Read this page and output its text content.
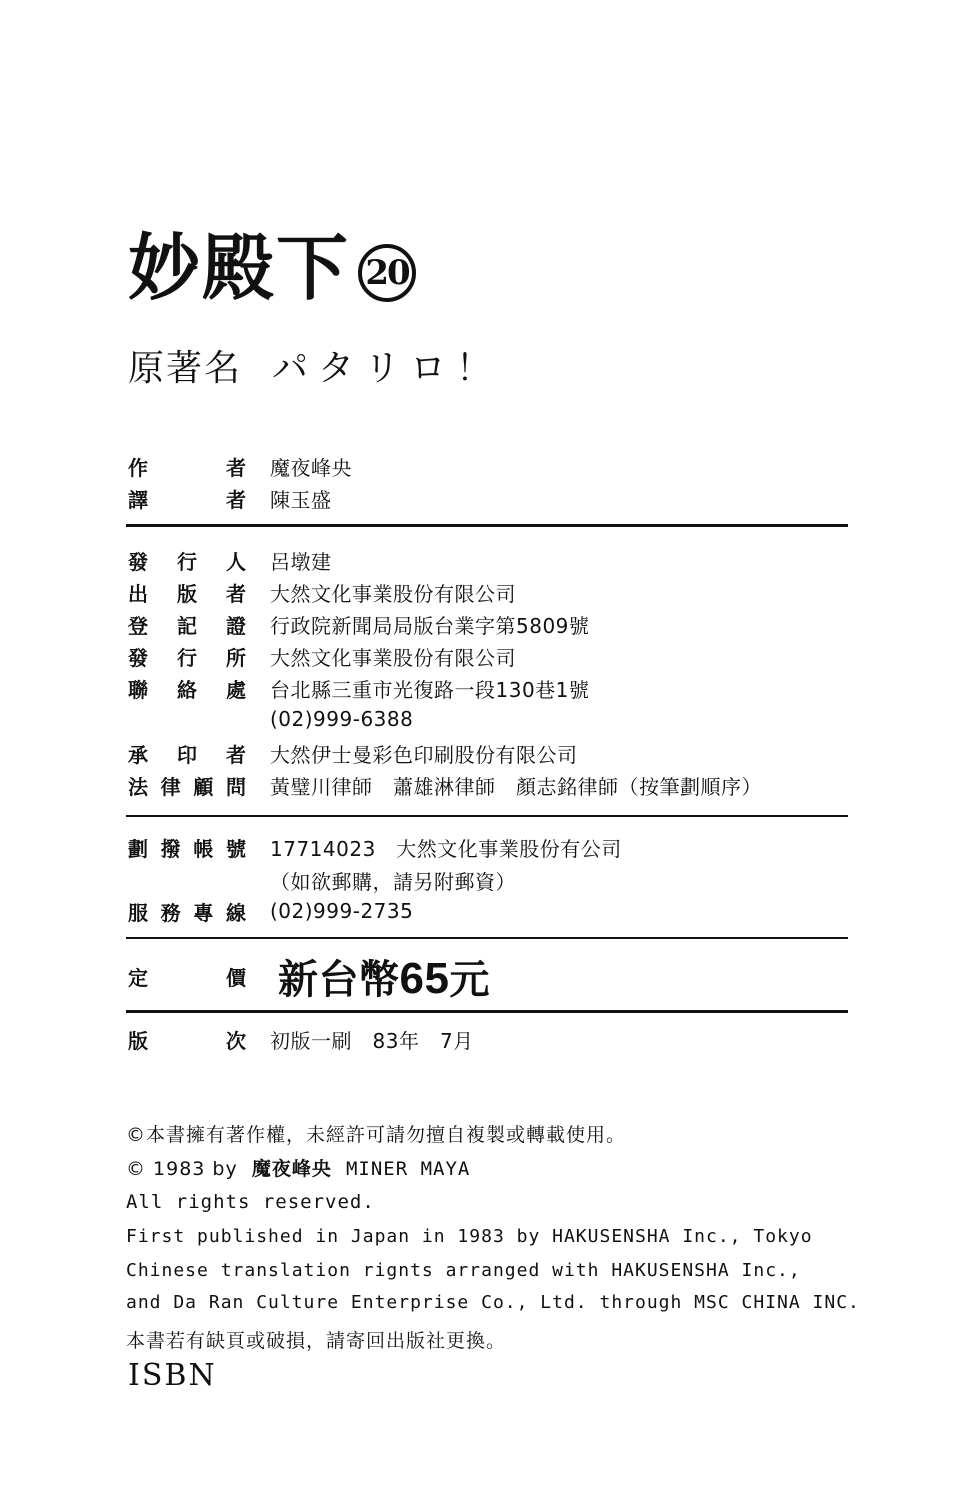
妙殿下 20
原著名 パタリロ！
作	者 魔夜峰央
譯	者 陳玉盛
發 行 人 呂墩建
出 版 者 大然文化事業股份有限公司
登 記 證 行政院新聞局局版台業字第5809號
發 行 所 大然文化事業股份有限公司
聯 絡 處 台北縣三重市光復路一段130巷1號
(02)999-6388
承 印 者 大然伊士曼彩色印刷股份有限公司
法 律 顧 問 黃璧川律師　蕭雄淋律師　顏志銘律師（按筆劃順序）
劃 撥 帳 號 17714023　大然文化事業股份有公司
（如欲郵購，請另附郵資）
服 務 專 線 (02)999-2735
定	價 新台幣65元
版	次 初版一刷　83年　7月
©本書擁有著作權，未經許可請勿擅自複製或轉載使用。
© 1983 by 魔夜峰央 MINER MAYA
All rights reserved.
First published in Japan in 1983 by HAKUSENSHA Inc., Tokyo
Chinese translation rignts arranged with HAKUSENSHA Inc.,
and Da Ran Culture Enterprise Co., Ltd. through MSC CHINA INC.
本書若有缺頁或破損，請寄回出版社更換。
ISBN
